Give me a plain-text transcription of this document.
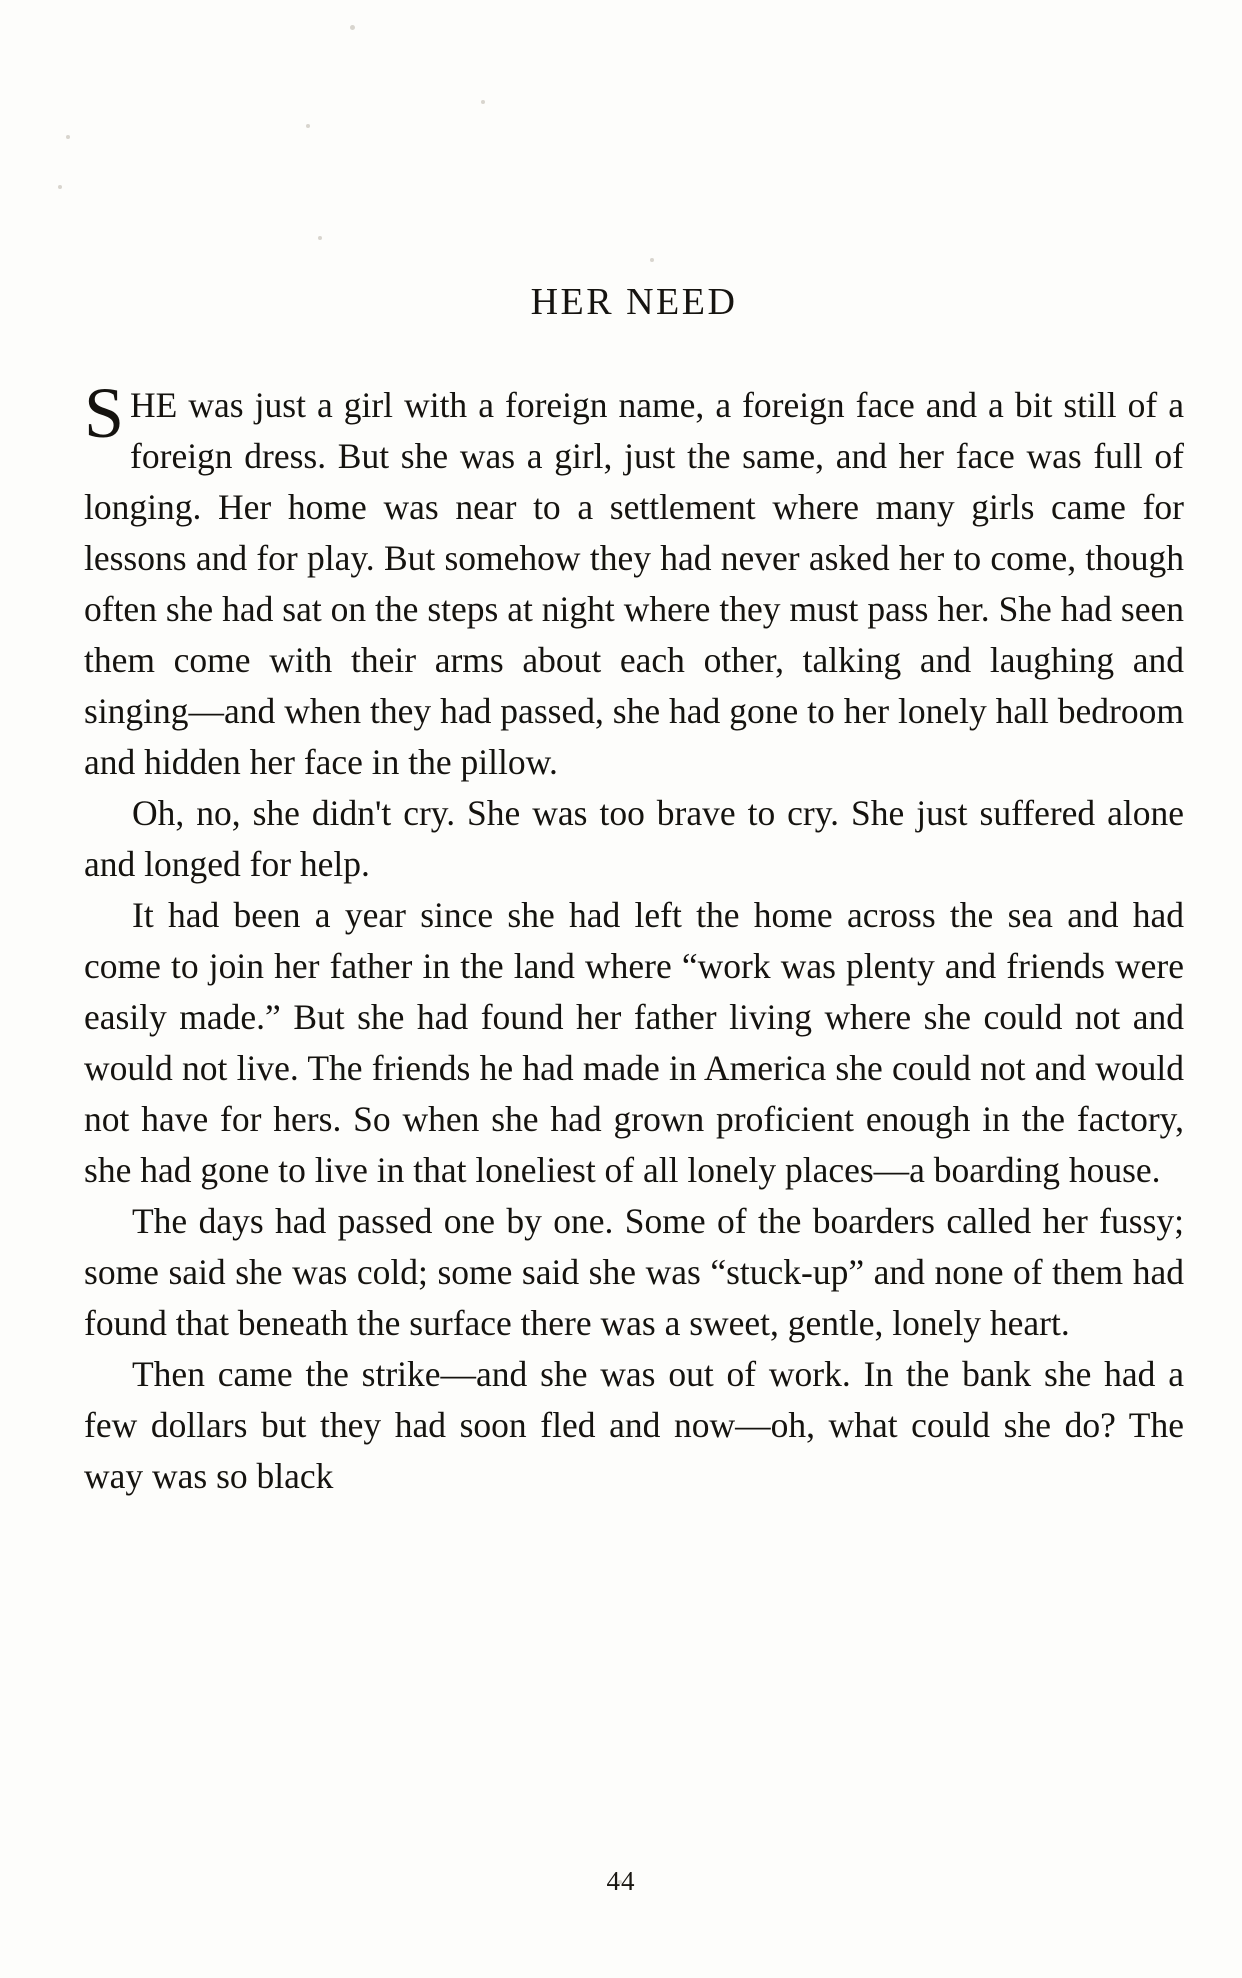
HER NEED

SHE was just a girl with a foreign name, a foreign face and a bit still of a foreign dress. But she was a girl, just the same, and her face was full of longing. Her home was near to a settlement where many girls came for lessons and for play. But somehow they had never asked her to come, though often she had sat on the steps at night where they must pass her. She had seen them come with their arms about each other, talking and laughing and singing—and when they had passed, she had gone to her lonely hall bedroom and hidden her face in the pillow.

Oh, no, she didn't cry. She was too brave to cry. She just suffered alone and longed for help.

It had been a year since she had left the home across the sea and had come to join her father in the land where “work was plenty and friends were easily made.” But she had found her father living where she could not and would not live. The friends he had made in America she could not and would not have for hers. So when she had grown proficient enough in the factory, she had gone to live in that loneliest of all lonely places—a boarding house.

The days had passed one by one. Some of the boarders called her fussy; some said she was cold; some said she was “stuck-up” and none of them had found that beneath the surface there was a sweet, gentle, lonely heart.

Then came the strike—and she was out of work. In the bank she had a few dollars but they had soon fled and now—oh, what could she do? The way was so black

44
